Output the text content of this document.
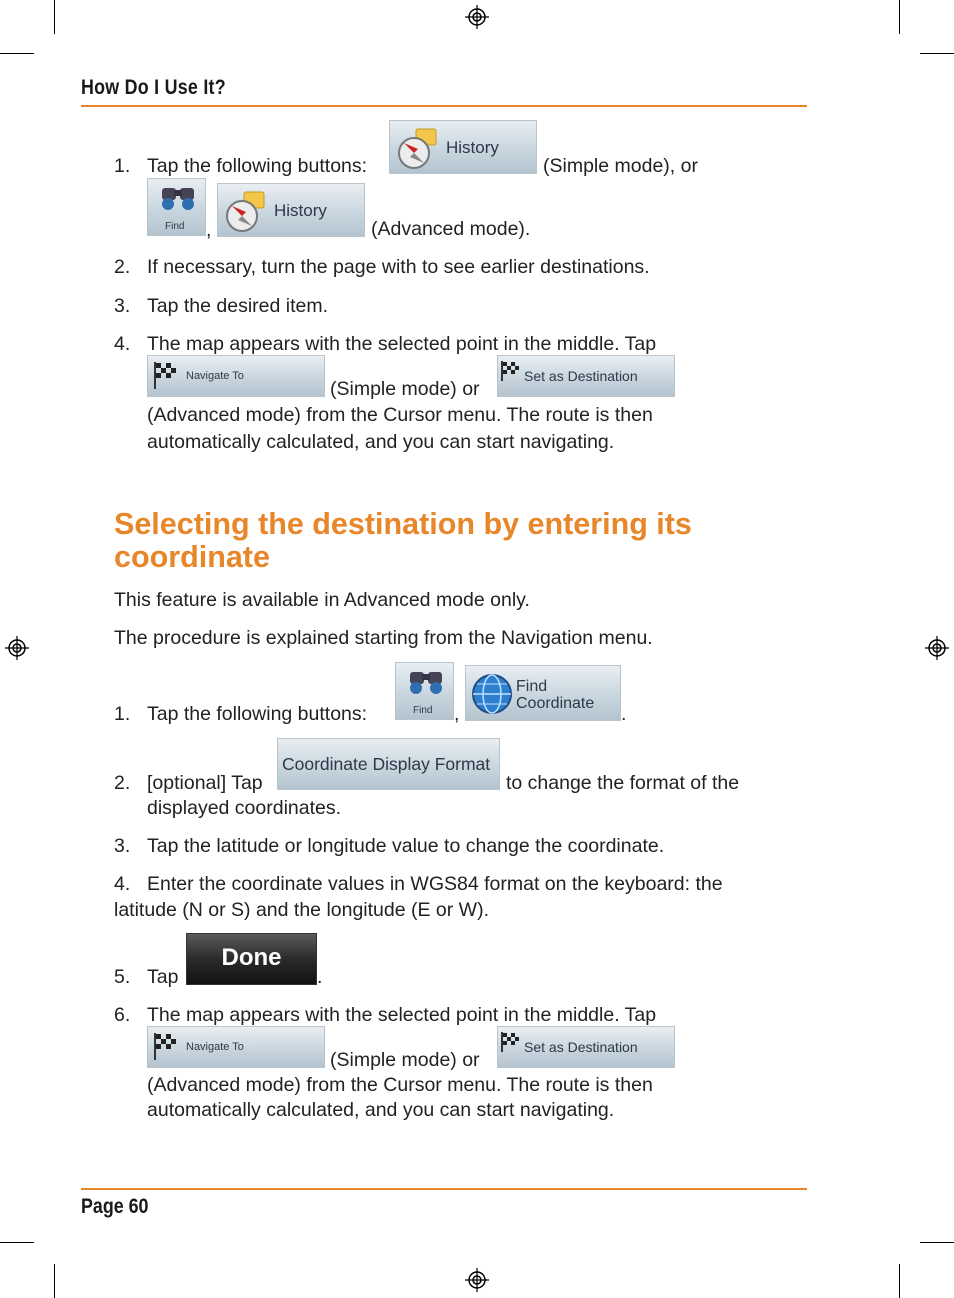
How Do I Use It?
1. Tap the following buttons:
History
(Simple mode), or
Find ,
History
(Advanced mode).
2. If necessary, turn the page with to see earlier destinations.
3. Tap the desired item.
4. The map appears with the selected point in the middle. Tap
Navigate To
(Simple mode) or
Set as Destination
(Advanced mode) from the Cursor menu. The route is then
automatically calculated, and you can start navigating.
Selecting the destination by entering its
coordinate
This feature is available in Advanced mode only.
The procedure is explained starting from the Navigation menu.
1. Tap the following buttons:	Find ,
Find
Coordinate .
2. [optional] Tap
Coordinate Display Format
to change the format of the
displayed coordinates.
3. Tap the latitude or longitude value to change the coordinate.
4. Enter the coordinate values in WGS84 format on the keyboard: the
latitude (N or S) and the longitude (E or W).
5. Tap
Done
.
6. The map appears with the selected point in the middle. Tap
Navigate To
(Simple mode) or
Set as Destination
(Advanced mode) from the Cursor menu. The route is then
automatically calculated, and you can start navigating.
Page 60
